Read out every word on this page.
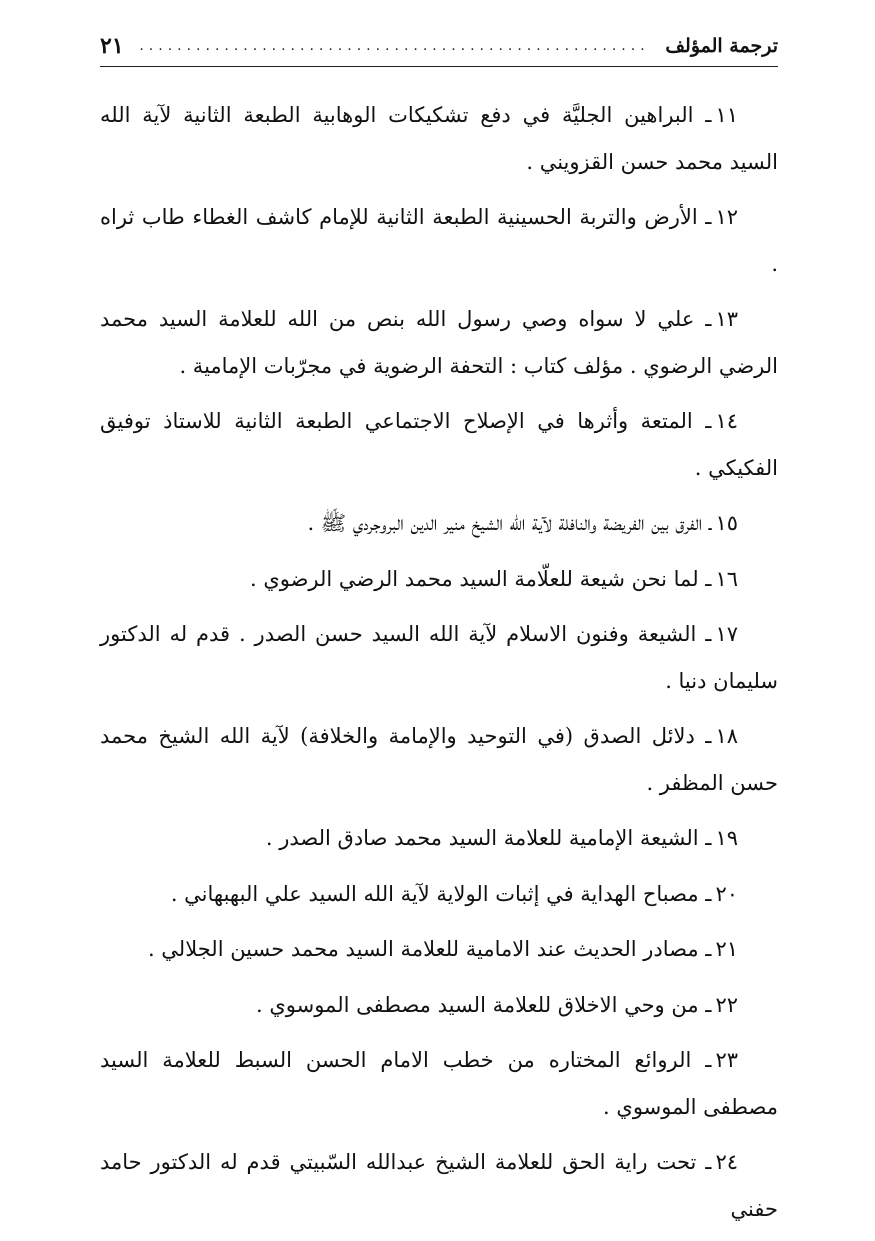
ترجمة المؤلف
......................................................
٢١

١١ـ البراهين الجليَّة في دفع تشكيكات الوهابية الطبعة الثانية لآية الله السيد محمد حسن القزويني .

١٢ـ الأرض والتربة الحسينية الطبعة الثانية للإمام كاشف الغطاء طاب ثراه .

١٣ـ علي لا سواه وصي رسول الله بنص من الله للعلامة السيد محمد الرضي الرضوي . مؤلف كتاب : التحفة الرضوية في مجرّبات الإمامية .

١٤ـ المتعة وأثرها في الإصلاح الاجتماعي الطبعة الثانية للاستاذ توفيق الفكيكي .

١٥ـ الفرق بين الفريضة والنافلة لآية الله الشيخ منير الدين البروجردي ﷺ .

١٦ـ لما نحن شيعة للعلّامة السيد محمد الرضي الرضوي .

١٧ـ الشيعة وفنون الاسلام لآية الله السيد حسن الصدر . قدم له الدكتور سليمان دنيا .

١٨ـ دلائل الصدق (في التوحيد والإمامة والخلافة) لآية الله الشيخ محمد حسن المظفر .

١٩ـ الشيعة الإمامية للعلامة السيد محمد صادق الصدر .

٢٠ـ مصباح الهداية في إثبات الولاية لآية الله السيد علي البهبهاني .

٢١ـ مصادر الحديث عند الامامية للعلامة السيد محمد حسين الجلالي .

٢٢ـ من وحي الاخلاق للعلامة السيد مصطفى الموسوي .

٢٣ـ الروائع المختاره من خطب الامام الحسن السبط للعلامة السيد مصطفى الموسوي .

٢٤ـ تحت راية الحق للعلامة الشيخ عبدالله السّبيتي قدم له الدكتور حامد حفني
